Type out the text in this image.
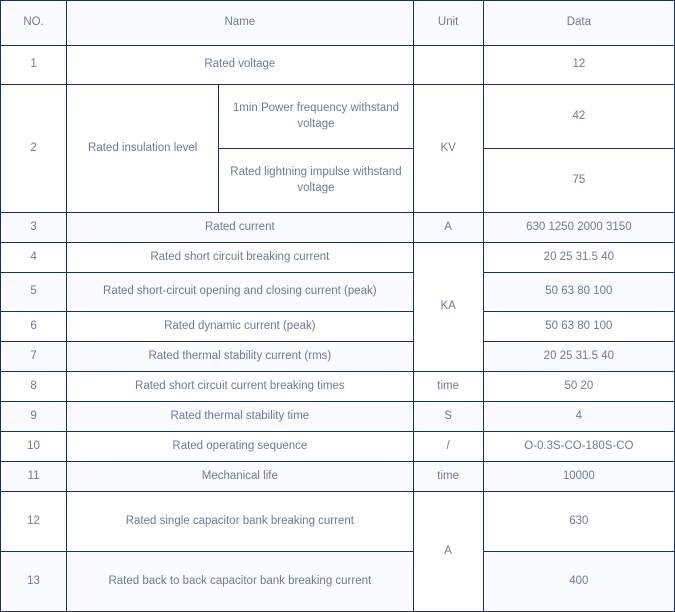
NO.	Name		Unit	Data
1	Rated voltage			12
2	Rated insulation level	1min Power frequency withstand voltage	KV	42
		Rated lightning impulse withstand voltage		75
3	Rated current		A	630 1250 2000 3150
4	Rated short circuit breaking current		KA	20 25 31.5 40
5	Rated short-circuit opening and closing current (peak)			50 63 80 100
6	Rated dynamic current (peak)			50 63 80 100
7	Rated thermal stability current (rms)			20 25 31.5 40
8	Rated short circuit current breaking times		time	50 20
9	Rated thermal stability time		S	4
10	Rated operating sequence		/	O-0.3S-CO-180S-CO
11	Mechanical life		time	10000
12	Rated single capacitor bank breaking current		A	630
13	Rated back to back capacitor bank breaking current			400
